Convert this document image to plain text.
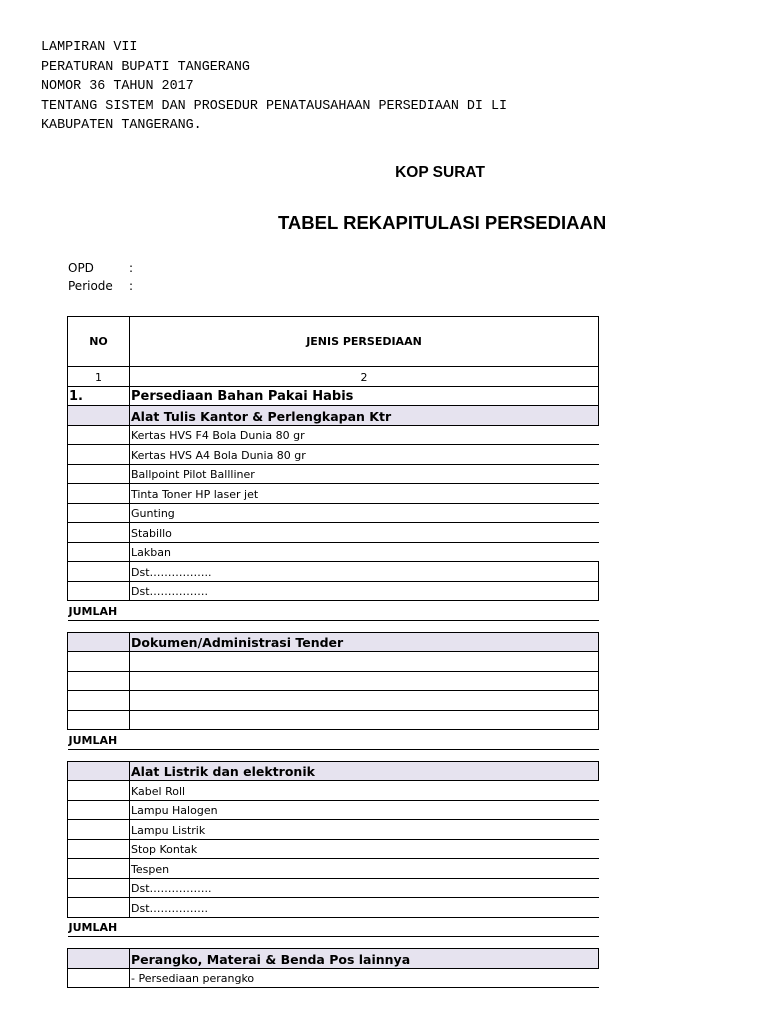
LAMPIRAN VII
PERATURAN BUPATI TANGERANG
NOMOR 36 TAHUN 2017
TENTANG SISTEM DAN PROSEDUR PENATAUSAHAAN PERSEDIAAN DI LI
KABUPATEN TANGERANG.
KOP SURAT
TABEL REKAPITULASI PERSEDIAAN
OPD	:
Periode :
NO	JENIS PERSEDIAAN
1	2
1.	Persediaan Bahan Pakai Habis
	Alat Tulis Kantor & Perlengkapan Ktr
	Kertas HVS F4 Bola Dunia 80 gr
	Kertas HVS A4 Bola Dunia 80 gr
	Ballpoint Pilot Ballliner
	Tinta Toner HP laser jet
	Gunting
	Stabillo
	Lakban
	Dst……………..
	Dst…………….
JUMLAH	

	Dokumen/Administrasi Tender

JUMLAH	

	Alat Listrik dan elektronik
	Kabel Roll
	Lampu Halogen
	Lampu Listrik
	Stop Kontak
	Tespen
	Dst……………..
	Dst…………….
JUMLAH	

	Perangko, Materai & Benda Pos lainnya
	- Persediaan perangko
